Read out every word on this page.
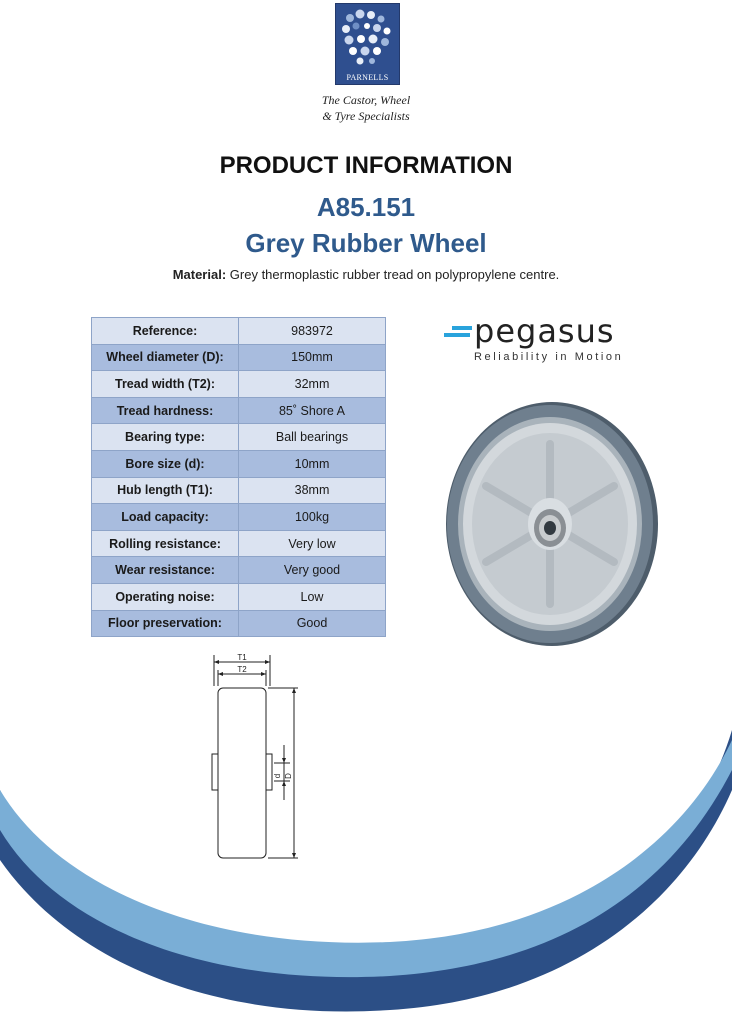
PARNELLS
The Castor, Wheel
& Tyre Specialists
PRODUCT INFORMATION
A85.151
Grey Rubber Wheel
Material: Grey thermoplastic rubber tread on polypropylene centre.
Reference:	983972
Wheel diameter (D):	150mm
Tread width (T2):	32mm
Tread hardness:	85˚ Shore A
Bearing type:	Ball bearings
Bore size (d):	10mm
Hub length (T1):	38mm
Load capacity:	100kg
Rolling resistance:	Very low
Wear resistance:	Very good
Operating noise:	Low
Floor preservation:	Good
pegasus
Reliability in Motion
T1
T2
d D
